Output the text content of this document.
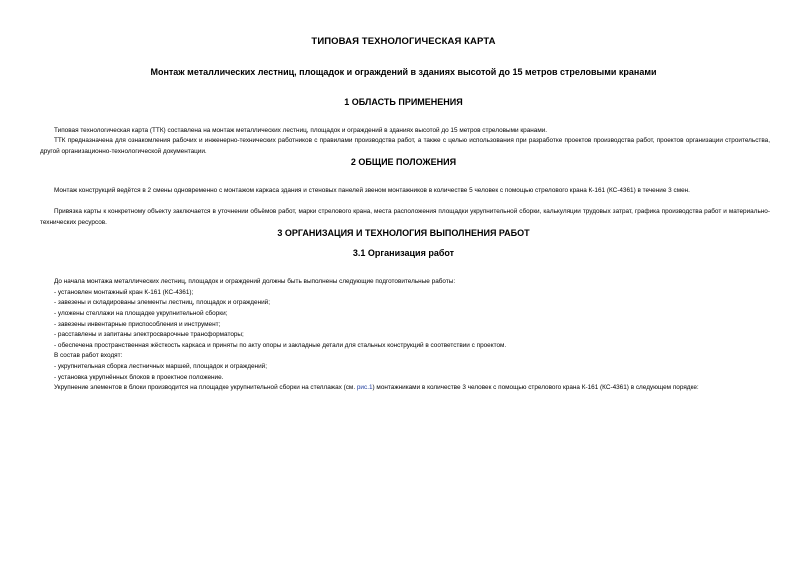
ТИПОВАЯ ТЕХНОЛОГИЧЕСКАЯ КАРТА
Монтаж металлических лестниц, площадок и ограждений в зданиях высотой до 15 метров стреловыми кранами
1 ОБЛАСТЬ ПРИМЕНЕНИЯ
Типовая технологическая карта (ТТК) составлена на монтаж металлических лестниц, площадок и ограждений в зданиях высотой до 15 метров стреловыми кранами.
ТТК предназначена для ознакомления рабочих и инженерно-технических работников с правилами производства работ, а также с целью использования при разработке проектов производства работ, проектов организации строительства, другой организационно-технологической документации.
2 ОБЩИЕ ПОЛОЖЕНИЯ
Монтаж конструкций ведётся в 2 смены одновременно с монтажом каркаса здания и стеновых панелей звеном монтажников в количестве 5 человек с помощью стрелового крана К-161 (КС-4361) в течение 3 смен.
Привязка карты к конкретному объекту заключается в уточнении объёмов работ, марки стрелового крана, места расположения площадки укрупнительной сборки, калькуляции трудовых затрат, графика производства работ и материально-технических ресурсов.
3 ОРГАНИЗАЦИЯ И ТЕХНОЛОГИЯ ВЫПОЛНЕНИЯ РАБОТ
3.1 Организация работ
До начала монтажа металлических лестниц, площадок и ограждений должны быть выполнены следующие подготовительные работы:
- установлен монтажный кран К-161 (КС-4361);
- завезены и складированы элементы лестниц, площадок и ограждений;
- уложены стеллажи на площадке укрупнительной сборки;
- завезены инвентарные приспособления и инструмент;
- расставлены и запитаны электросварочные трансформаторы;
- обеспечена пространственная жёсткость каркаса и приняты по акту опоры и закладные детали для стальных конструкций в соответствии с проектом.
В состав работ входят:
- укрупнительная сборка лестничных маршей, площадок и ограждений;
- установка укрупнённых блоков в проектное положение.
Укрупнение элементов в блоки производится на площадке укрупнительной сборки на стеллажах (см. рис.1) монтажниками в количестве 3 человек с помощью стрелового крана К-161 (КС-4361) в следующем порядке:
